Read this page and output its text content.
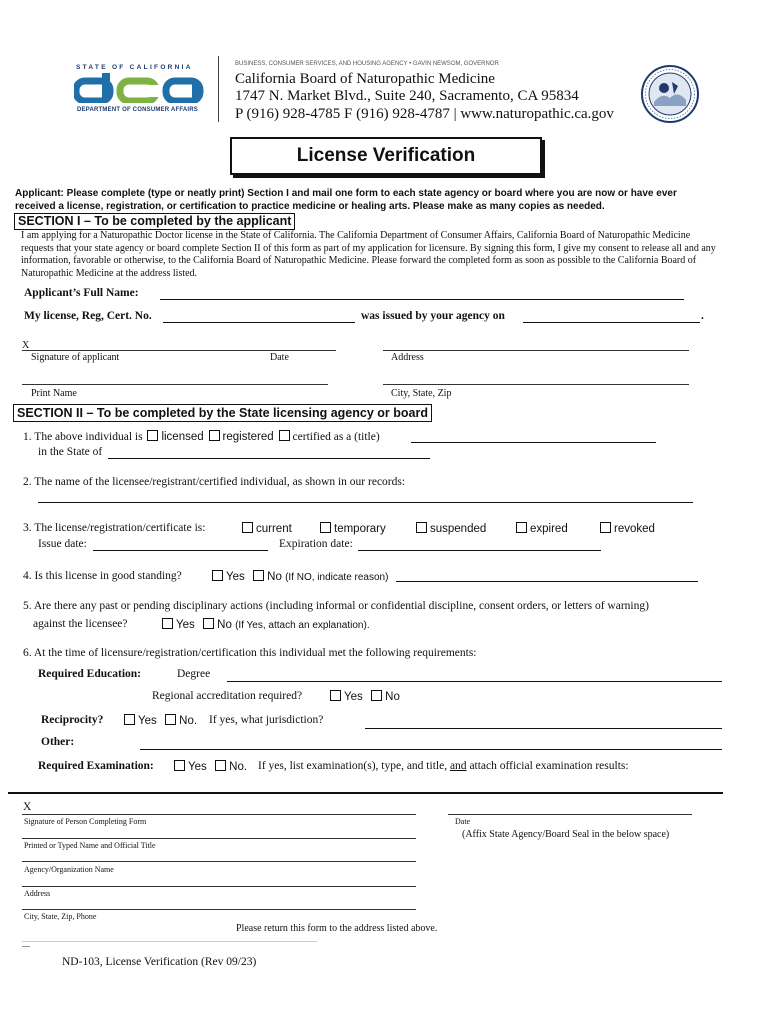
STATE OF CALIFORNIA
DEPARTMENT OF CONSUMER AFFAIRS
BUSINESS, CONSUMER SERVICES, AND HOUSING AGENCY • GAVIN NEWSOM, GOVERNOR
California Board of Naturopathic Medicine
1747 N. Market Blvd., Suite 240, Sacramento, CA 95834
P (916) 928-4785 F (916) 928-4787 | www.naturopathic.ca.gov
License Verification
Applicant: Please complete (type or neatly print) Section I and mail one form to each state agency or board where you are now or have ever received a license, registration, or certification to practice medicine or healing arts. Please make as many copies as needed.
SECTION I – To be completed by the applicant
I am applying for a Naturopathic Doctor license in the State of California. The California Department of Consumer Affairs, California Board of Naturopathic Medicine requests that your state agency or board complete Section II of this form as part of my application for licensure. By signing this form, I give my consent to release all and any information, favorable or otherwise, to the California Board of Naturopathic Medicine. Please forward the completed form as soon as possible to the California Board of Naturopathic Medicine at the address listed.
Applicant’s Full Name:
My license, Reg, Cert. No.	was issued by your agency on	.
X
Signature of applicant	Date	Address
Print Name	City, State, Zip
SECTION II – To be completed by the State licensing agency or board
1. The above individual is licensed registered certified as a (title)
in the State of
2. The name of the licensee/registrant/certified individual, as shown in our records:
3. The license/registration/certificate is:	current	temporary	suspended	expired	revoked
Issue date:	Expiration date:
4. Is this license in good standing?	Yes No (If NO, indicate reason)
5. Are there any past or pending disciplinary actions (including informal or confidential discipline, consent orders, or letters of warning)
against the licensee?	Yes No (If Yes, attach an explanation).
6. At the time of licensure/registration/certification this individual met the following requirements:
Required Education:	Degree
Regional accreditation required?	Yes No
Reciprocity?	Yes No. If yes, what jurisdiction?
Other:
Required Examination:	Yes No. If yes, list examination(s), type, and title, and attach official examination results:
X
Signature of Person Completing Form	Date
(Affix State Agency/Board Seal in the below space)
Printed or Typed Name and Official Title
Agency/Organization Name
Address
City, State, Zip, Phone
Please return this form to the address listed above.
ND-103, License Verification (Rev 09/23)
